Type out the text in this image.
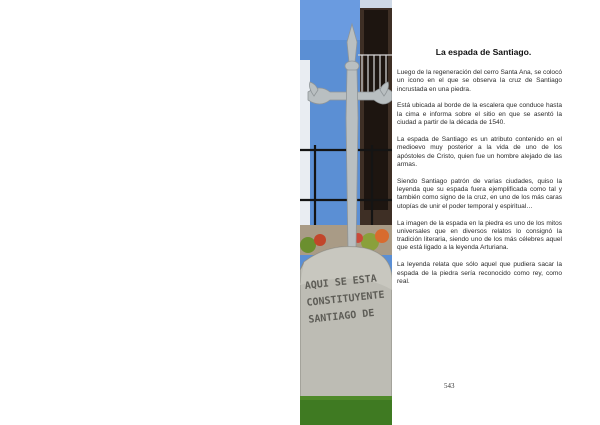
AQUI SE ESTA
CONSTITUYENTE
SANTIAGO DE
La espada de Santiago.

Luego de la regeneración del cerro Santa Ana, se colocó un icono en el que se observa la cruz de Santiago incrustada en una piedra.

Está ubicada al borde de la escalera que conduce hasta la cima e informa sobre el sitio en que se asentó la ciudad a partir de la década de 1540.

La espada de Santiago es un atributo contenido en el medioevo muy posterior a la vida de uno de los apóstoles de Cristo, quien fue un hombre alejado de las armas.

Siendo Santiago patrón de varias ciudades, quiso la leyenda que su espada fuera ejemplificada como tal y también como signo de la cruz, en uno de los más caras utopías de unir el poder temporal y espiritual…

La imagen de la espada en la piedra es uno de los mitos universales que en diversos relatos lo consignó la tradición literaria, siendo uno de los más célebres aquel que está ligado a la leyenda Arturiana.

La leyenda relata que sólo aquel que pudiera sacar la espada de la piedra sería reconocido como rey, como real.

543
